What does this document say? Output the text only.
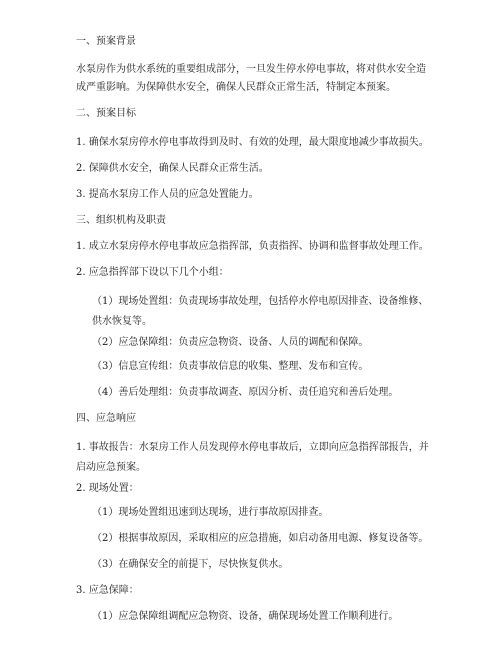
一、预案背景

水泵房作为供水系统的重要组成部分，一旦发生停水停电事故，将对供水安全造成严重影响。为保障供水安全，确保人民群众正常生活，特制定本预案。

二、预案目标

1. 确保水泵房停水停电事故得到及时、有效的处理，最大限度地减少事故损失。

2. 保障供水安全，确保人民群众正常生活。

3. 提高水泵房工作人员的应急处置能力。

三、组织机构及职责

1. 成立水泵房停水停电事故应急指挥部，负责指挥、协调和监督事故处理工作。

2. 应急指挥部下设以下几个小组：

（1）现场处置组：负责现场事故处理，包括停水停电原因排查、设备维修、供水恢复等。

（2）应急保障组：负责应急物资、设备、人员的调配和保障。

（3）信息宣传组：负责事故信息的收集、整理、发布和宣传。

（4）善后处理组：负责事故调查、原因分析、责任追究和善后处理。

四、应急响应

1. 事故报告：水泵房工作人员发现停水停电事故后，立即向应急指挥部报告，并启动应急预案。

2. 现场处置：

（1）现场处置组迅速到达现场，进行事故原因排查。

（2）根据事故原因，采取相应的应急措施，如启动备用电源、修复设备等。

（3）在确保安全的前提下，尽快恢复供水。

3. 应急保障：

（1）应急保障组调配应急物资、设备，确保现场处置工作顺利进行。
